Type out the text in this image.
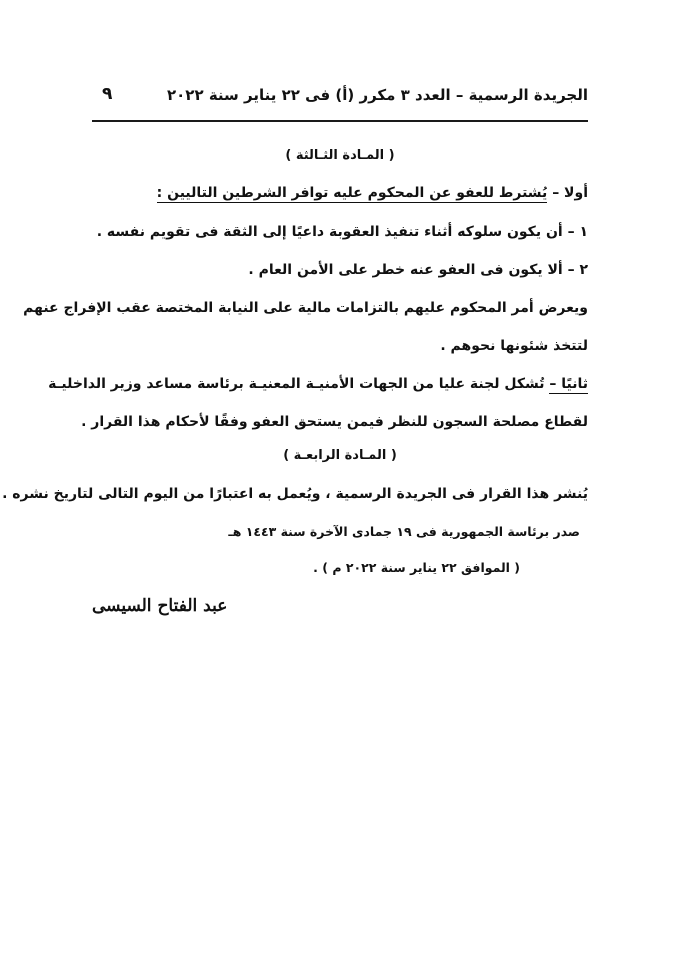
الجريدة الرسمية – العدد ٣ مكرر (أ) فى ٢٢ يناير سنة ٢٠٢٢
٩
( المـادة الثـالثة )
أولا – يُشترط للعفو عن المحكوم عليه توافر الشرطين التاليين :
١ – أن يكون سلوكه أثناء تنفيذ العقوبة داعيًا إلى الثقة فى تقويم نفسه .
٢ – ألا يكون فى العفو عنه خطر على الأمن العام .
ويعرض أمر المحكوم عليهم بالتزامات مالية على النيابة المختصة عقب الإفراج عنهم
لتتخذ شئونها نحوهم .
ثانيًا – تُشكل لجنة عليا من الجهات الأمنيـة المعنيـة برئاسة مساعد وزير الداخليـة
لقطاع مصلحة السجون للنظر فيمن يستحق العفو وفقًا لأحكام هذا القرار .
( المـادة الرابعـة )
يُنشر هذا القرار فى الجريدة الرسمية ، ويُعمل به اعتبارًا من اليوم التالى لتاريخ نشره .
صدر برئاسة الجمهورية فى ١٩ جمادى الآخرة سنة ١٤٤٣ هـ
( الموافق ٢٢ يناير سنة ٢٠٢٢ م ) .
عبد الفتاح السيسى
